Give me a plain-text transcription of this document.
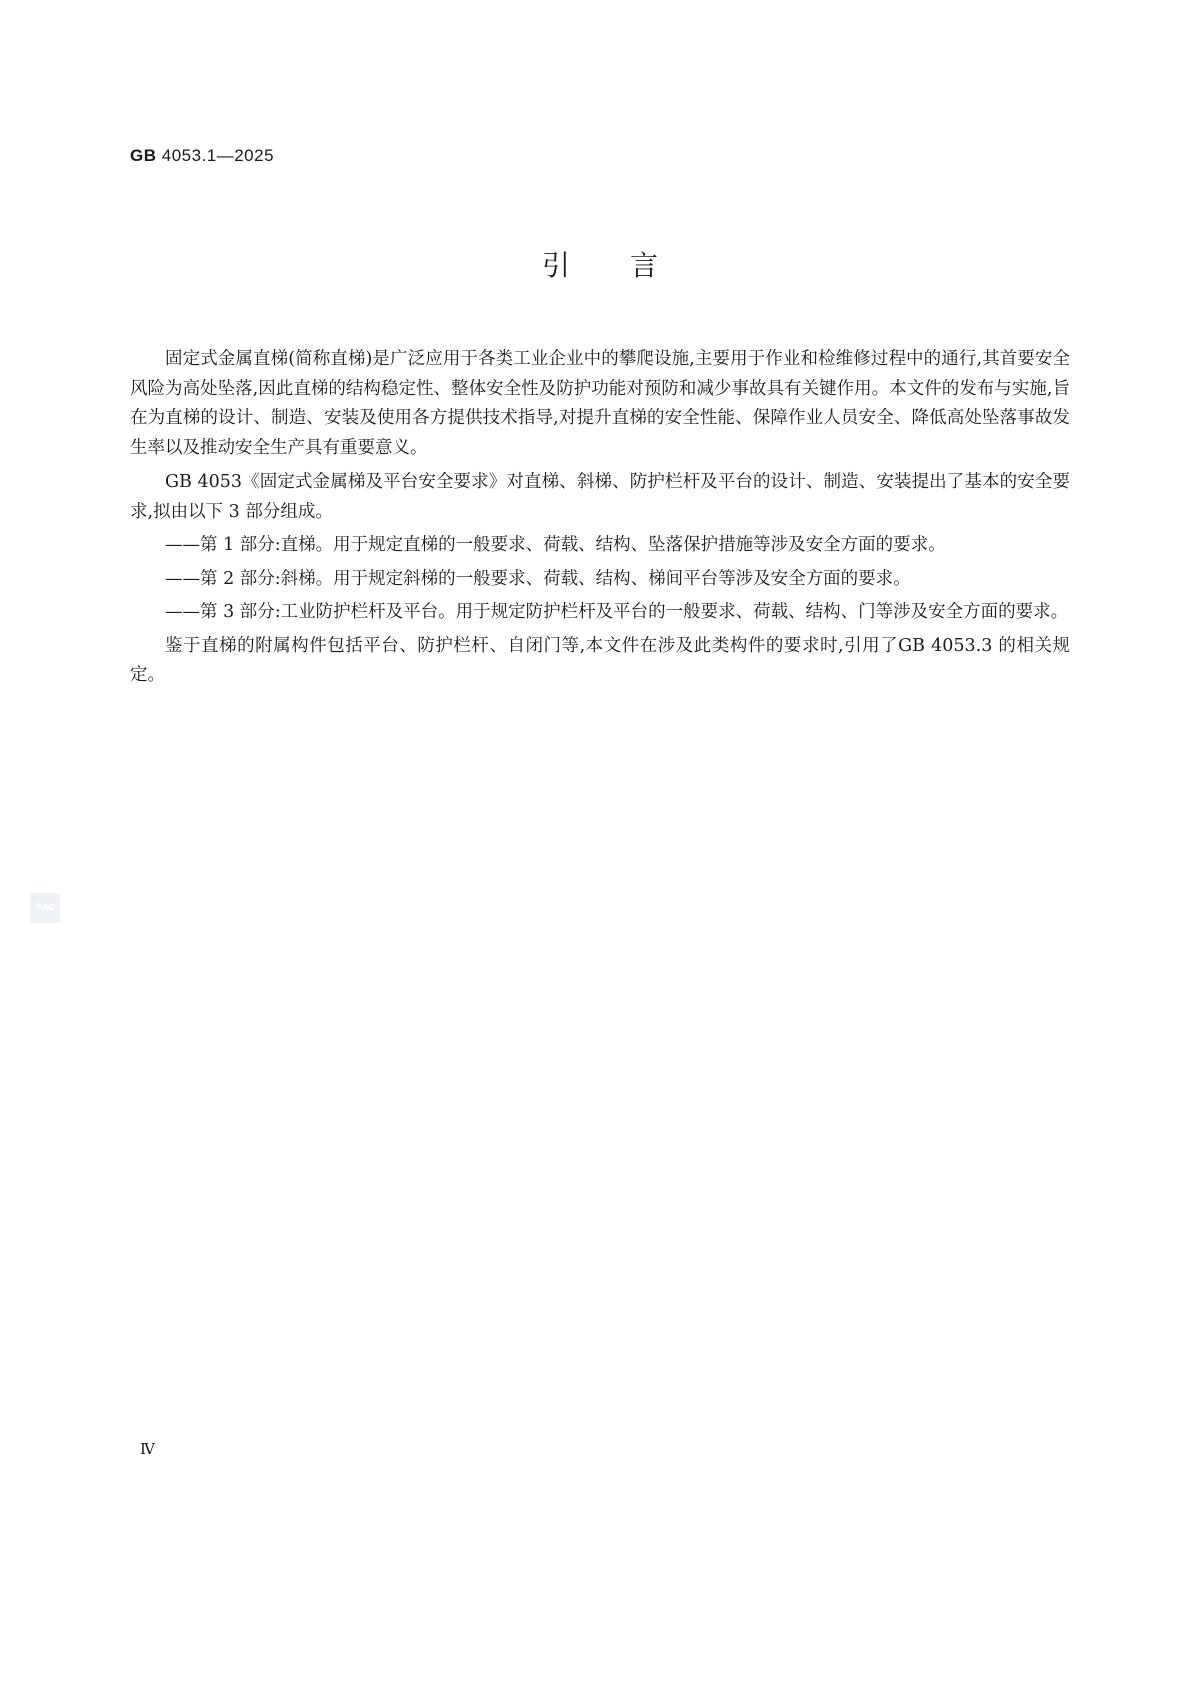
GB 4053.1—2025
引 言

固定式金属直梯(简称直梯)是广泛应用于各类工业企业中的攀爬设施,主要用于作业和检维修过程中的通行,其首要安全风险为高处坠落,因此直梯的结构稳定性、整体安全性及防护功能对预防和减少事故具有关键作用。本文件的发布与实施,旨在为直梯的设计、制造、安装及使用各方提供技术指导,对提升直梯的安全性能、保障作业人员安全、降低高处坠落事故发生率以及推动安全生产具有重要意义。

GB 4053《固定式金属梯及平台安全要求》对直梯、斜梯、防护栏杆及平台的设计、制造、安装提出了基本的安全要求,拟由以下 3 部分组成。

——第 1 部分:直梯。用于规定直梯的一般要求、荷载、结构、坠落保护措施等涉及安全方面的要求。

——第 2 部分:斜梯。用于规定斜梯的一般要求、荷载、结构、梯间平台等涉及安全方面的要求。

——第 3 部分:工业防护栏杆及平台。用于规定防护栏杆及平台的一般要求、荷载、结构、门等涉及安全方面的要求。

鉴于直梯的附属构件包括平台、防护栏杆、自闭门等,本文件在涉及此类构件的要求时,引用了GB 4053.3 的相关规定。

SAC
Ⅳ
